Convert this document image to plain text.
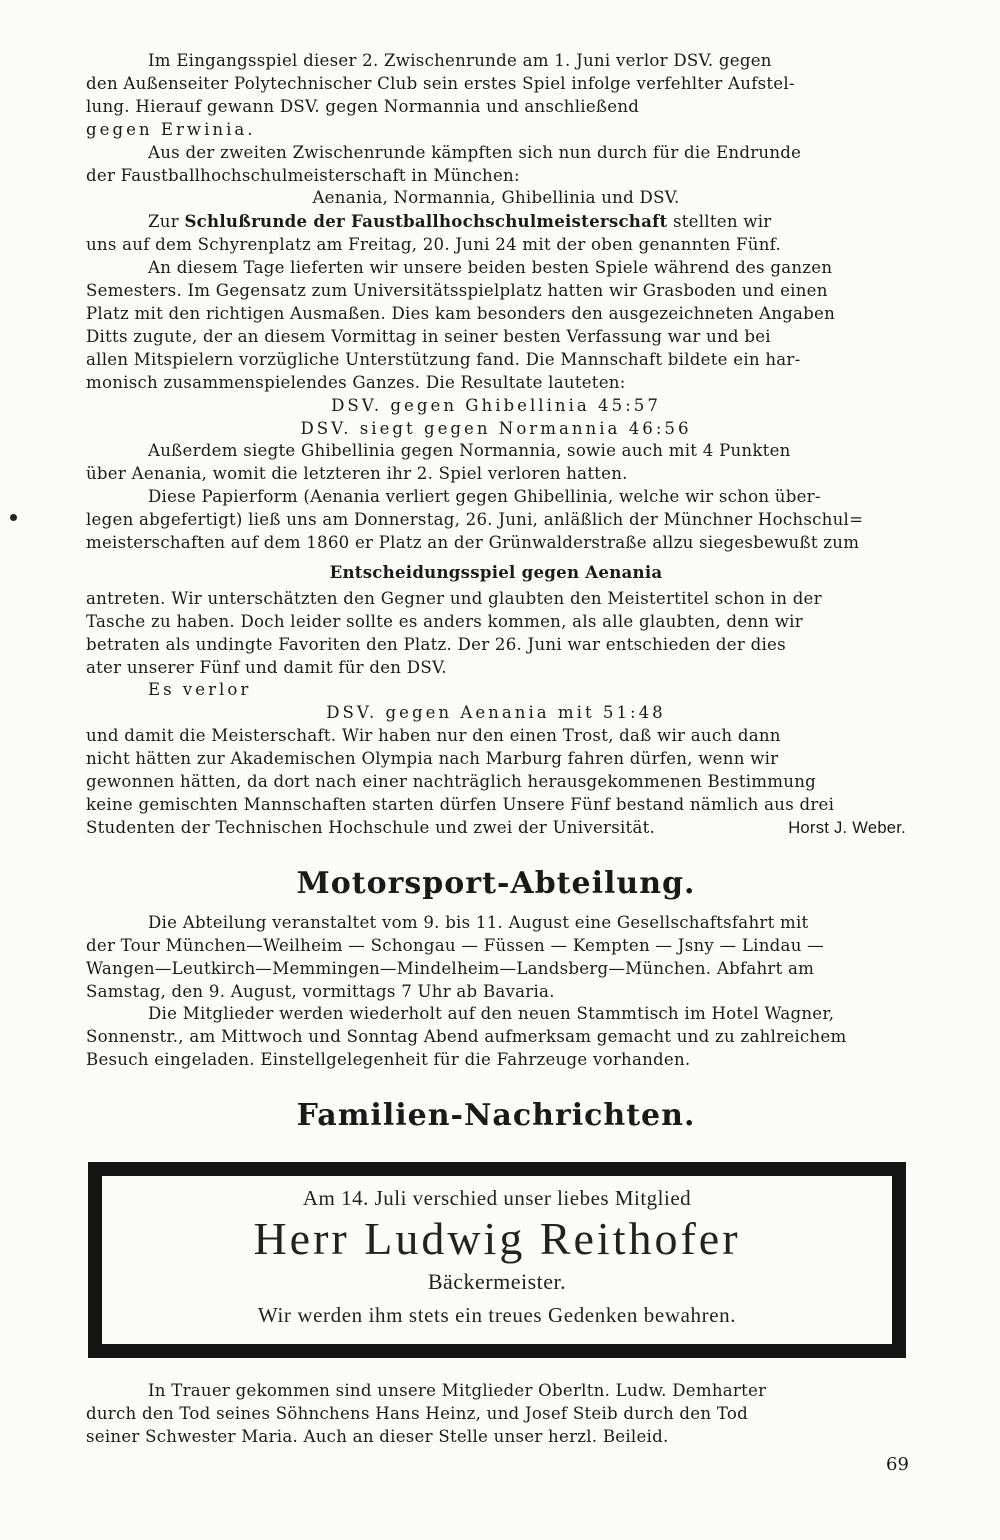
Im Eingangsspiel dieser 2. Zwischenrunde am 1. Juni verlor DSV. gegen
den Außenseiter Polytechnischer Club sein erstes Spiel infolge verfehlter Aufstel-
lung. Hierauf gewann DSV. gegen Normannia und anschließend
gegen Erwinia.
Aus der zweiten Zwischenrunde kämpften sich nun durch für die Endrunde
der Faustballhochschulmeisterschaft in München:
Aenania, Normannia, Ghibellinia und DSV.
Zur Schlußrunde der Faustballhochschulmeisterschaft stellten wir
uns auf dem Schyrenplatz am Freitag, 20. Juni 24 mit der oben genannten Fünf.
An diesem Tage lieferten wir unsere beiden besten Spiele während des ganzen
Semesters. Im Gegensatz zum Universitätsspielplatz hatten wir Grasboden und einen
Platz mit den richtigen Ausmaßen. Dies kam besonders den ausgezeichneten Angaben
Ditts zugute, der an diesem Vormittag in seiner besten Verfassung war und bei
allen Mitspielern vorzügliche Unterstützung fand. Die Mannschaft bildete ein har-
monisch zusammenspielendes Ganzes. Die Resultate lauteten:
DSV. gegen Ghibellinia 45:57
DSV. siegt gegen Normannia 46:56
Außerdem siegte Ghibellinia gegen Normannia, sowie auch mit 4 Punkten
über Aenania, womit die letzteren ihr 2. Spiel verloren hatten.
Diese Papierform (Aenania verliert gegen Ghibellinia, welche wir schon über-
legen abgefertigt) ließ uns am Donnerstag, 26. Juni, anläßlich der Münchner Hochschul=
meisterschaften auf dem 1860 er Platz an der Grünwalderstraße allzu siegesbewußt zum
Entscheidungsspiel gegen Aenania
antreten. Wir unterschätzten den Gegner und glaubten den Meistertitel schon in der
Tasche zu haben. Doch leider sollte es anders kommen, als alle glaubten, denn wir
betraten als undingte Favoriten den Platz. Der 26. Juni war entschieden der dies
ater unserer Fünf und damit für den DSV.
Es verlor
DSV. gegen Aenania mit 51:48
und damit die Meisterschaft. Wir haben nur den einen Trost, daß wir auch dann
nicht hätten zur Akademischen Olympia nach Marburg fahren dürfen, wenn wir
gewonnen hätten, da dort nach einer nachträglich herausgekommenen Bestimmung
keine gemischten Mannschaften starten dürfen Unsere Fünf bestand nämlich aus drei
Studenten der Technischen Hochschule und zwei der Universität.	Horst J. Weber.
Motorsport-Abteilung.
Die Abteilung veranstaltet vom 9. bis 11. August eine Gesellschaftsfahrt mit
der Tour München—Weilheim — Schongau — Füssen — Kempten — Jsny — Lindau —
Wangen—Leutkirch—Memmingen—Mindelheim—Landsberg—München. Abfahrt am
Samstag, den 9. August, vormittags 7 Uhr ab Bavaria.
Die Mitglieder werden wiederholt auf den neuen Stammtisch im Hotel Wagner,
Sonnenstr., am Mittwoch und Sonntag Abend aufmerksam gemacht und zu zahlreichem
Besuch eingeladen. Einstellgelegenheit für die Fahrzeuge vorhanden.
Familien-Nachrichten.
Am 14. Juli verschied unser liebes Mitglied
Herr Ludwig Reithofer
Bäckermeister.
Wir werden ihm stets ein treues Gedenken bewahren.
In Trauer gekommen sind unsere Mitglieder Oberltn. Ludw. Demharter
durch den Tod seines Söhnchens Hans Heinz, und Josef Steib durch den Tod
seiner Schwester Maria. Auch an dieser Stelle unser herzl. Beileid.
69
